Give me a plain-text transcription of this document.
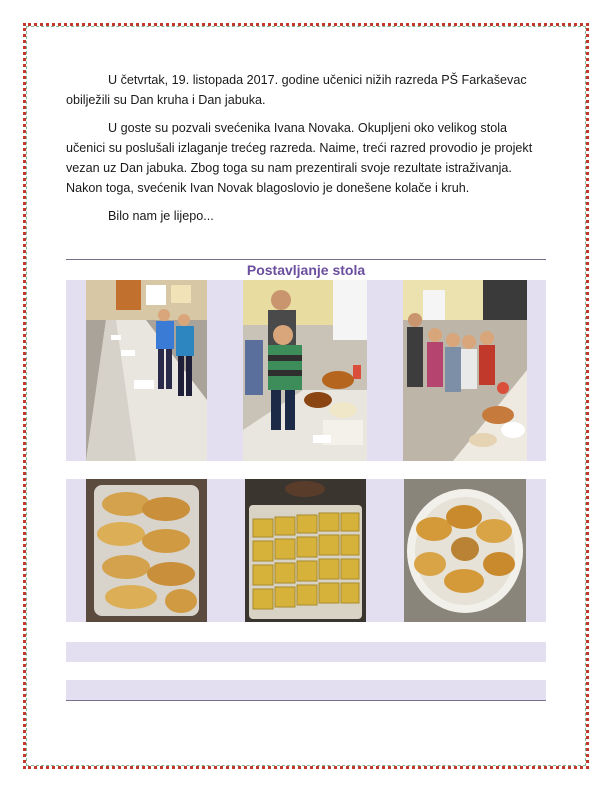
U četvrtak, 19. listopada 2017. godine učenici nižih razreda PŠ Farkaševac obilježili su Dan kruha i Dan jabuka.

U goste su pozvali svećenika Ivana Novaka. Okupljeni oko velikog stola učenici su poslušali izlaganje trećeg razreda. Naime, treći razred provodio je projekt vezan uz Dan jabuka. Zbog toga su nam prezentirali svoje rezultate istraživanja. Nakon toga, svećenik Ivan Novak blagoslovio je donešene kolače i kruh.

Bilo nam je lijepo...

Postavljanje stola
